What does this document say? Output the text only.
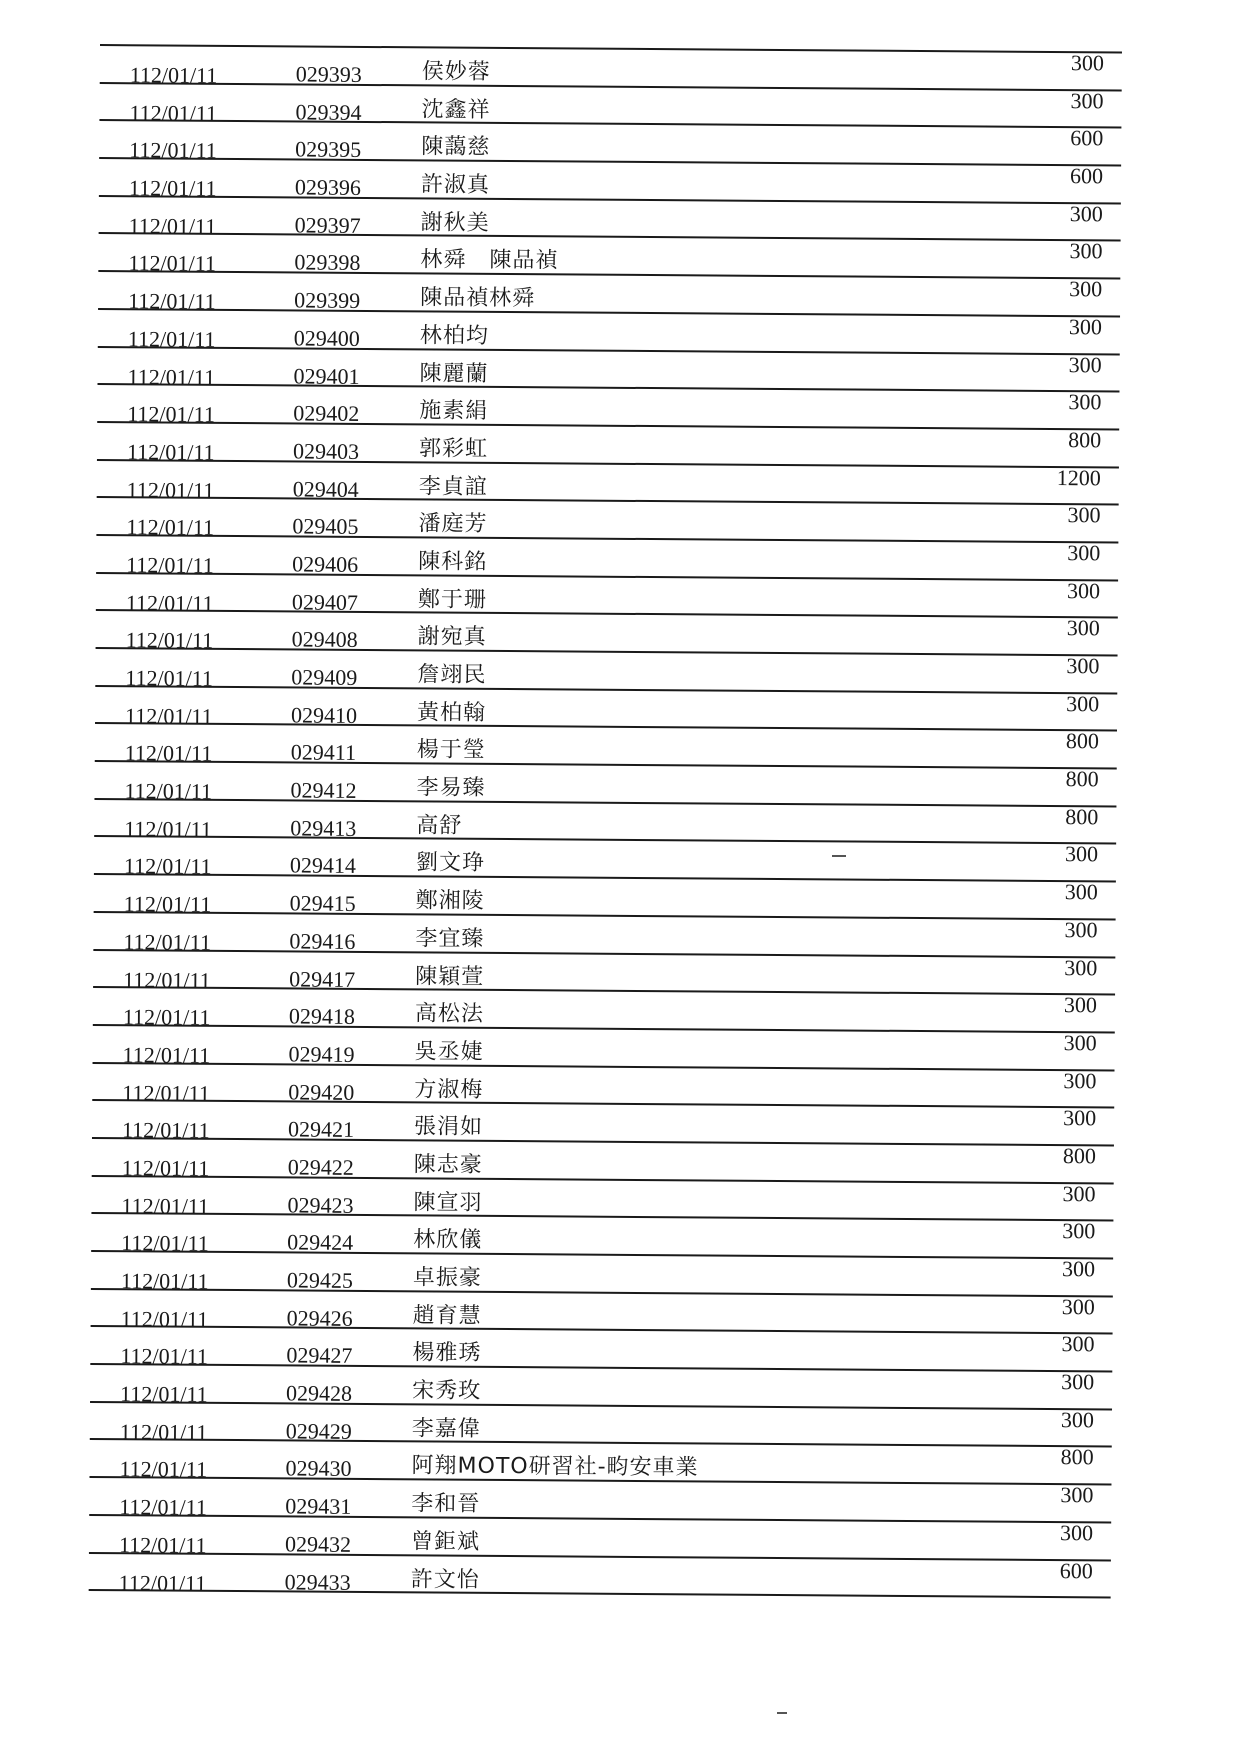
112/01/11	029393	侯妙蓉	300
112/01/11	029394	沈鑫祥	300
112/01/11	029395	陳藹慈	600
112/01/11	029396	許淑真	600
112/01/11	029397	謝秋美	300
112/01/11	029398	林舜　陳品禎	300
112/01/11	029399	陳品禎林舜	300
112/01/11	029400	林柏均	300
112/01/11	029401	陳麗蘭	300
112/01/11	029402	施素絹	300
112/01/11	029403	郭彩虹	800
112/01/11	029404	李貞誼	1200
112/01/11	029405	潘庭芳	300
112/01/11	029406	陳科銘	300
112/01/11	029407	鄭于珊	300
112/01/11	029408	謝宛真	300
112/01/11	029409	詹翊民	300
112/01/11	029410	黃柏翰	300
112/01/11	029411	楊于瑩	800
112/01/11	029412	李易臻	800
112/01/11	029413	高舒	800
112/01/11	029414	劉文琤	300
112/01/11	029415	鄭湘陵	300
112/01/11	029416	李宜臻	300
112/01/11	029417	陳穎萱	300
112/01/11	029418	高松法	300
112/01/11	029419	吳丞婕	300
112/01/11	029420	方淑梅	300
112/01/11	029421	張涓如	300
112/01/11	029422	陳志豪	800
112/01/11	029423	陳宣羽	300
112/01/11	029424	林欣儀	300
112/01/11	029425	卓振豪	300
112/01/11	029426	趙育慧	300
112/01/11	029427	楊雅琇	300
112/01/11	029428	宋秀玫	300
112/01/11	029429	李嘉偉	300
112/01/11	029430	阿翔MOTO研習社-畇安車業	800
112/01/11	029431	李和晉	300
112/01/11	029432	曾鉅斌	300
112/01/11	029433	許文怡	600
